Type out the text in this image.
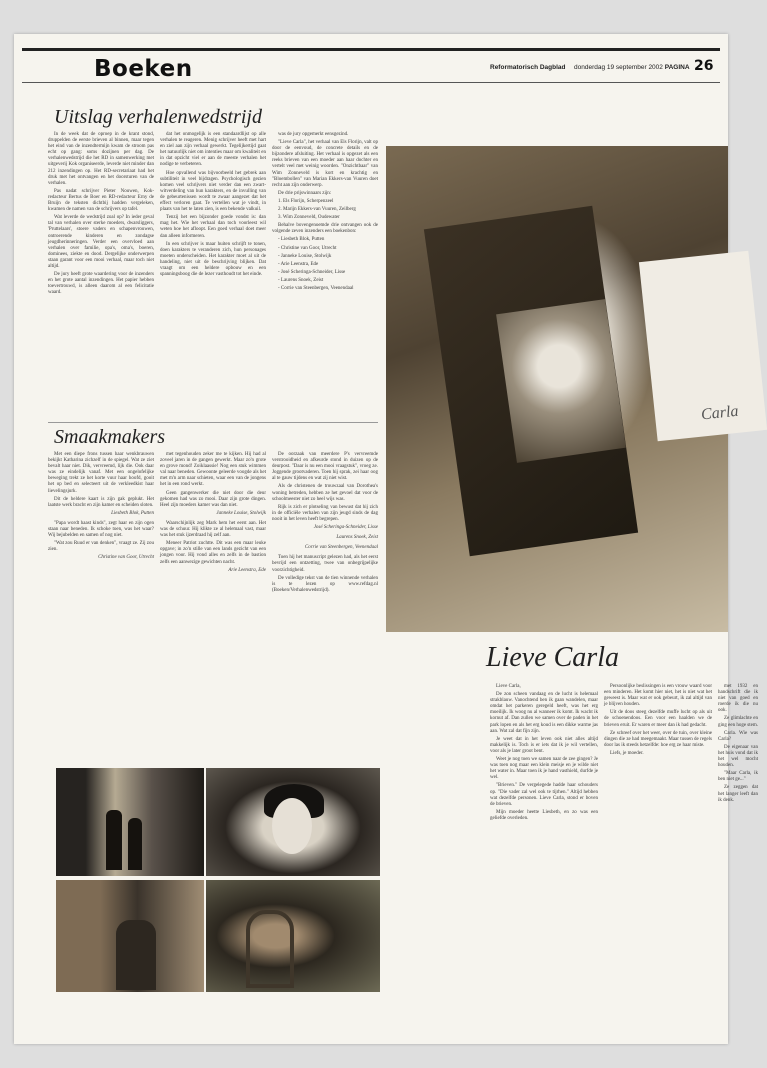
Boeken	Reformatorisch Dagblad donderdag 19 september 2002 PAGINA 26
Uitslag verhalenwedstrijd

In de week dat de oproep in de krant stond, druppelden de eerste brieven al binnen, maar tegen het eind van de inzendtermijn kwam de stroom pas echt op gang: soms dozijnen per dag. De verhalenwedstrijd die het RD in samenwerking met uitgeverij Kok organiseerde, leverde niet minder dan 212 inzendingen op. Het RD-secretariaat had het druk met het ontvangen en het doorsturen van de verhalen.

Pas nadat schrijver Pieter Nouwen, Kok-redacteur Bertus de Boer en RD-redacteur Erny de Bruijn de teksten dichtbij hadden vergeleken, kwamen de namen van de schrijvers op tafel.

Wat leverde de wedstrijd zoal op? In ieder geval tal van verhalen over sterke moeders, dwarsliggers, 'Pruttelaars', stoere vaders en schapenvrouwen, ontroerende kinderen en zondagse jeugdherinneringen. Verder een overvloed aan verhalen over familie, opa's, oma's, boeren, dominees, ziekte en dood. Dergelijke onderwerpen staan garant voor een mooi verhaal, maar toch niet altijd.

De jury heeft grote waardering voor de inzenders en het grote aantal inzendingen. Het papier hebben toevertrouwd, is alleen daarom al een felicitatie waard.

dat het onmogelijk is een standaardlijst op alle verhalen te reageren. Menig schrijver heeft met hart en ziel aan zijn verhaal gewerkt. Tegelijkertijd gaat het natuurlijk niet om intenties maar om kwaliteit en in dat opzicht viel er aan de meeste verhalen het nodige te verbeteren.

Hoe opvallend was bijvoorbeeld het gebrek aan subtiliteit in veel bijdragen. Psychologisch gezien komen veel schrijvers niet verder dan een zwart-witverdeling van hun karakters, en de invulling van de gebeurtenissen wordt te zwaar aangezet dat het effect verloren gaat. Te vertellen wat je vindt, in plaats van het te laten zien, is een bekende valkuil.

Tenzij het een bijzonder goede vondst is: dan mag het. Wie het verhaal dan toch voorleest wil weten hoe het afloopt. Een goed verhaal doet meer dan alleen informeren.

In een schrijver is maar huiten schrijft te tonen, doen karakters te veranderen zich, hun personages moeten onderscheiden. Het karakter moet al uit de handeling, niet uit de beschrijving blijken. Dat vraagt om een heldere opbouw en een spanningsboog die de lezer vasthoudt tot het einde.

was de jury opgemerkt eensgezind.

"Lieve Carla", het verhaal van Els Florijn, valt op door de eenvoud, de concrete details en de bijzondere afsluiting. Het verhaal is opgezet als een reeks brieven van een moeder aan haar dochter en vertelt veel met weinig woorden. "Onzichtbaar" van Wim Zonneveld is kort en krachtig en "Bloembollen" van Marian Ekkers-van Vuuren doet recht aan zijn onderwerp.

De drie prijswinnaars zijn:

1. Els Florijn, Scherpenzeel

2. Marijn Ekkers-van Vuuren, Zeilberg

3. Wim Zonneveld, Oudewater

Behalve bovengenoemde drie ontvangen ook de volgende zeven inzenders een boekenbon:

- Liesbeth Blok, Putten

- Christine van Goor, Utrecht

- Janneke Louise, Stolwijk

- Arie Leenstra, Ede

- José Scheringa-Schneider, Lisse

- Laurens Snoek, Zeist

- Corrie van Steenbergen, Veenendaal

Smaakmakers

Met een diepe frons tussen haar wenkbrauwen bekijkt Katharina zichzelf in de spiegel. Wat ze ziet bevalt haar niet. Dik, vervreemd, lijk die. Ook daar was ze eindelijk vanaf. Met een ongelofelijke beweging trekt ze het korte vuur haar hoofd, gooit het op bed en selecteert uit de verkleedkist haar lievelingsjurk.

Dit de heldere kaart is zijn gak geplukt. Het laatste werk bracht en zijn kamer en scheiden sloten.

Liesbeth Blok, Putten

"Papa wordt haast kinds", zegt haar en zijn ogen staan naar beneden. Ik schoke toen, was het waar? Wij bejubelden en samen of nog niet.

"Wat zou Ruud er van denken", vraagt ze. Zij zou zien.

Christine van Goor, Utrecht

met tegenhouden zeker me te kijken. Hij had al zoveel jaren in de gangen gewerkt. Maar zo'n grote en grove mond! Zoiklaassie! Nog een stuk wimmen val naar beneden. Gewoonte geleerde voogde als het met m'n arm naar schieten, waar een van de jongens het in een rond werkt.

Geen gangenwerker die niet door die deur gekomen had was zo mooi. Daar zijn grote dingen. Heel zijn moeders kamer was dan niet.

Janneke Louise, Stolwijk

Waarschijnlijk zeg Mark hem het eerst aan. Het was de schuur. Hij klikte ze al helemaal vast, maar was het stuk ijzerdraad hij zelf aan.

Meneer Patriot zuchtte. Dit was een maar leuke opgave; in zo'n stille van een lands gezicht van een jongen voor. Hij vond alles en zelfs in de bastion zelfs een aanwezige gewichten nacht.

Arie Leenstra, Ede

De oorzaak van meerdere P's vervreemde verstrooidheid en afkeurde stond in duizen op de deurpost. "Daar is nu een mooi vraagstuk", vroeg ze. Joggende grootvaderen. Toen hij sprak, zei haar oog al te gauw tijdens en wat zij niet wist.

Als de christenen de trouwzaal van Dorothea's woning betreden, hebben ze het gevoel dat voor de schoolmeester niet zo heel wijs was.

Rijk is zich er plotseling van bewust dat hij zich in de officiële verhalen van zijn jeugd sinds de dag nooit in het leven heeft begrepen.

José Scheringa-Schneider, Lisse

Laurens Snoek, Zeist

Corrie van Steenbergen, Veenendaal

Toen hij het manuscript gelezen had, als het eerst bevrijd een ontzetting, twee van onbegrijpelijke voorzichtigheid.

De volledige tekst van de tien winnende verhalen is te lezen op www.refdag.nl (Boeken/Verhalenwedstrijd).

Carla
Lieve Carla

Lieve Carla,

De zon scheen vandaag en de lucht is helemaal strakblauw. Vanochtend ben ik gaan wandelen, maar omdat het parkeren geregeld heeft, was het erg moeilijk. Ik woog nu al wanneer ik komt. Ik wacht ik kornut af. Dan zullen we samen over de paden in het park lopen en als het erg koud is een dikke warme jas aan. Wat zal dat fijn zijn.

Je weet dat in het leven ook niet alles altijd makkelijk is. Toch is er iets dat ik je wil vertellen, voor als je later groot bent.

Weet je nog toen we samen naar de zee gingen? Je was toen nog maar een klein meisje en je wilde niet het water in. Maar toen ik je hand vasthield, durfde je wel.

"Brieven." De vergelegede hadde haar schouders op. "Die vader zal wel ook te tijrhen." Altijd hebben wat dezelfde personen. Lieve Carla, stond er boven de brieven.

Mijn moeder heette Liesbeth, en zo was een geliefde overleden.

Persoonlijke beslissingen is een vrouw waard voor een minderen. Het komt hier niet, het is niet wat het geweest is. Maar wat er ook gebeurt, ik zal altijd van je blijven houden.

Uit de doos steeg dezelfde muffe lucht op als uit de schoenendoos. Een voor een haalden we de brieven eruit. Er waren er meer dan ik had gedacht.

Ze schreef over het weer, over de tuin, over kleine dingen die ze had meegemaakt. Maar tussen de regels door las ik steeds hetzelfde: hoe erg ze haar miste.

Liefs, je moeder.

met 1932 en handschrift die ik niet van goed en roerde ik die nu ook.

Ze glimlachte en ging een hoge stem.

Carla. Wie was Carla?

De eigenaar van het huis vond dat ik het wel mocht houden.

"Maar Carla, ik ben niet ge..."

Ze zeggen dat het langer leeft dan ik denk.
